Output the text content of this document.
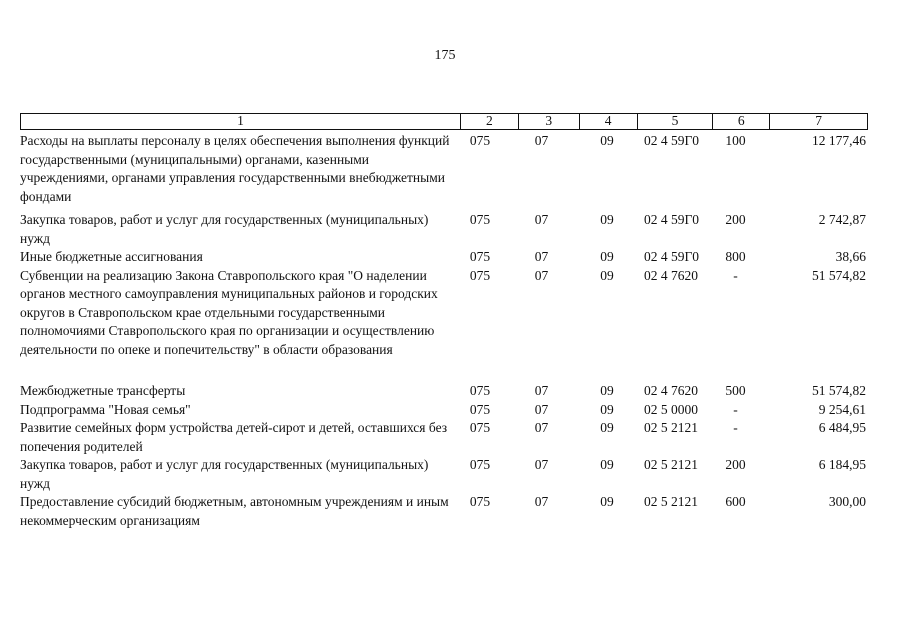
175
1	2	3	4	5	6	7
Расходы на выплаты персоналу в целях обеспечения выполнения функций государственными (муниципальными) органами, казенными учреждениями, органами управления государственными внебюджетными фондами
075	07	09	02 4 59Г0	100	12 177,46
Закупка товаров, работ и услуг для государственных (муниципальных) нужд
075	07	09	02 4 59Г0	200	2 742,87
Иные бюджетные ассигнования	075	07	09	02 4 59Г0	800	38,66
Субвенции на реализацию Закона Ставропольского края "О наделении органов местного самоуправления муниципальных районов и городских округов в Ставропольском крае отдельными государственными полномочиями Ставропольского края по организации и осуществлению деятельности по опеке и попечительству" в области образования
075	07	09	02 4 7620	-	51 574,82
Межбюджетные трансферты	075	07	09	02 4 7620	500	51 574,82
Подпрограмма "Новая семья"	075	07	09	02 5 0000	-	9 254,61
Развитие семейных форм устройства детей-сирот и детей, оставшихся без попечения родителей
075	07	09	02 5 2121	-	6 484,95
Закупка товаров, работ и услуг для государственных (муниципальных) нужд
075	07	09	02 5 2121	200	6 184,95
Предоставление субсидий бюджетным, автономным учреждениям и иным некоммерческим организациям
075	07	09	02 5 2121	600	300,00
